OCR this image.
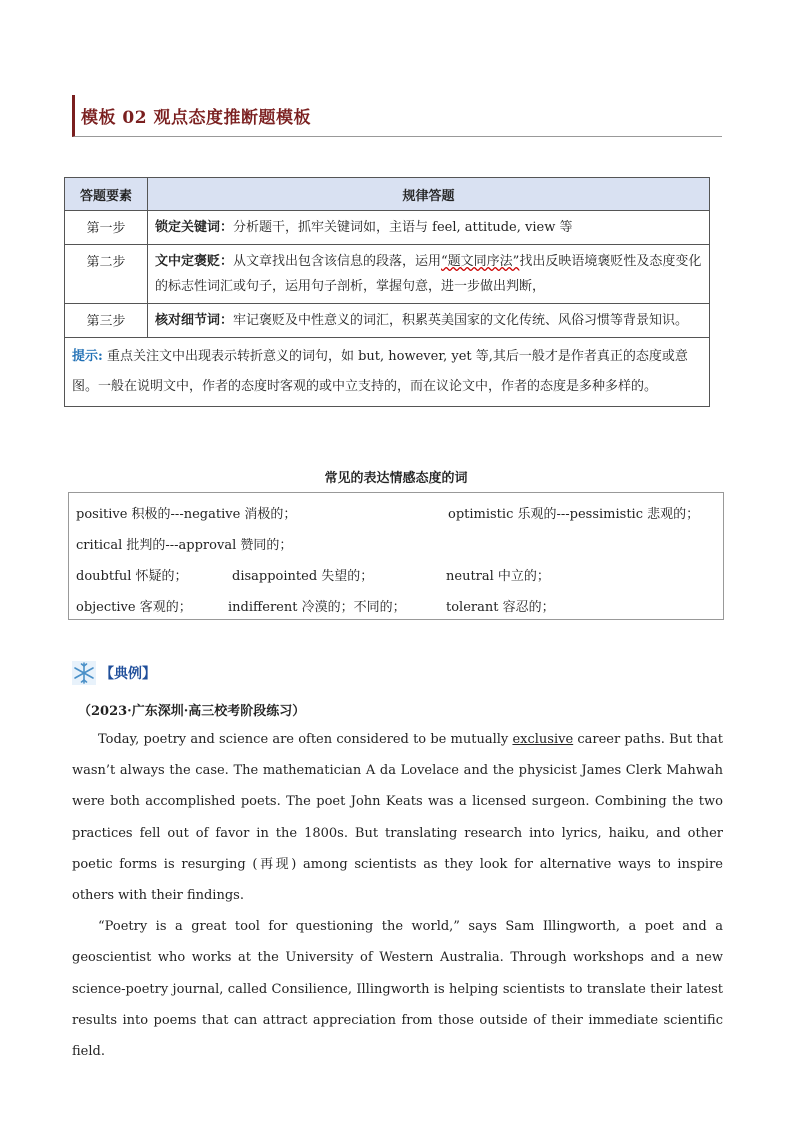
模板 02 观点态度推断题模板
答题要素	规律答题
第一步	锁定关键词：分析题干，抓牢关键词如，主语与 feel, attitude, view 等
第二步	文中定褒贬：从文章找出包含该信息的段落，运用“题文同序法”找出反映语境褒贬性及态度变化的标志性词汇或句子，运用句子剖析，掌握句意，进一步做出判断，
第三步	核对细节词：牢记褒贬及中性意义的词汇，积累英美国家的文化传统、风俗习惯等背景知识。
提示: 重点关注文中出现表示转折意义的词句，如 but, however, yet 等,其后一般才是作者真正的态度或意图。一般在说明文中，作者的态度时客观的或中立支持的，而在议论文中，作者的态度是多种多样的。	
常见的表达情感态度的词
positive 积极的---negative 消极的；	optimistic 乐观的---pessimistic 悲观的；
critical 批判的---approval 赞同的；
doubtful 怀疑的；	disappointed 失望的；	neutral 中立的；
objective 客观的；	indifferent 冷漠的；不同的；	tolerant 容忍的；
【典例】
（2023·广东深圳·高三校考阶段练习）

Today, poetry and science are often considered to be mutually exclusive career paths. But that wasn’t always the case. The mathematician A da Lovelace and the physicist James Clerk Mahwah were both accomplished poets. The poet John Keats was a licensed surgeon. Combining the two practices fell out of favor in the 1800s. But translating research into lyrics, haiku, and other poetic forms is resurging (再现) among scientists as they look for alternative ways to inspire others with their findings.

“Poetry is a great tool for questioning the world,” says Sam Illingworth, a poet and a geoscientist who works at the University of Western Australia. Through workshops and a new science-poetry journal, called Consilience, Illingworth is helping scientists to translate their latest results into poems that can attract appreciation from those outside of their immediate scientific field.
